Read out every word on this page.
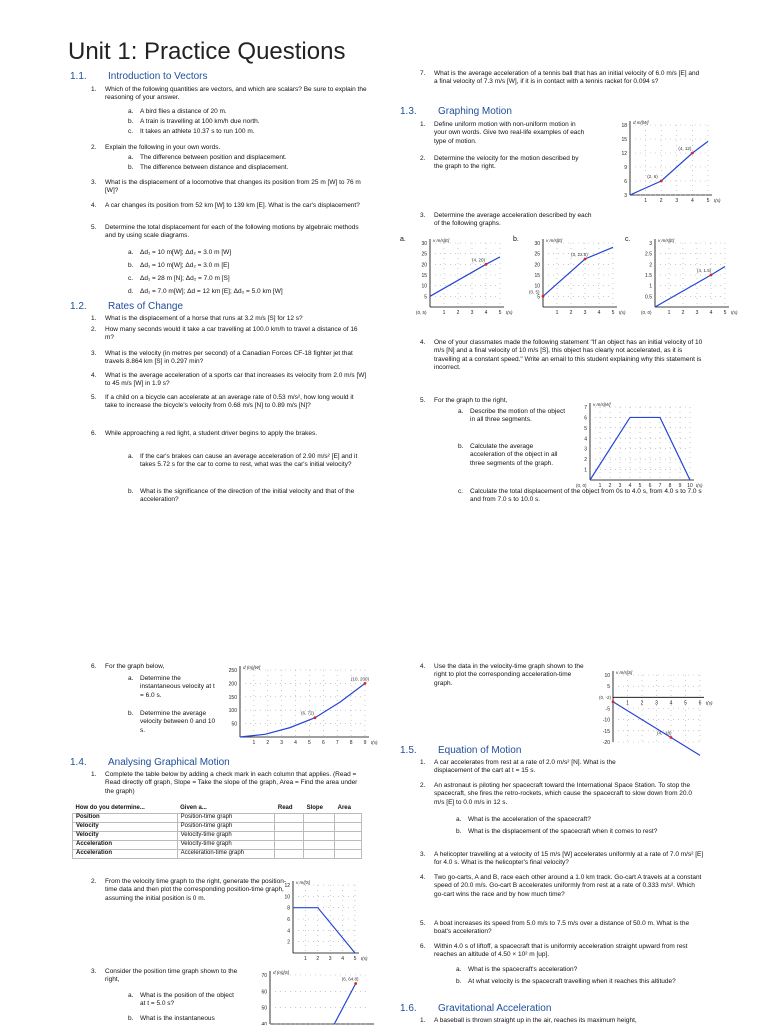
Unit 1: Practice Questions
1.1. Introduction to Vectors
1. Which of the following quantities are vectors, and which are scalars? Be sure to explain the reasoning of your answer.
a. A bird flies a distance of 20 m.
b. A train is travelling at 100 km/h due north.
c. It takes an athlete 10.37 s to run 100 m.
2. Explain the following in your own words.
a. The difference between position and displacement.
b. The difference between distance and displacement.
3. What is the displacement of a locomotive that changes its position from 25 m [W] to 76 m [W]?
4. A car changes its position from 52 km [W] to 139 km [E]. What is the car's displacement?
5. Determine the total displacement for each of the following motions by algebraic methods and by using scale diagrams.
a. Δd₁ = 10 m[W]; Δd₂ = 3.0 m [W]
b. Δd₁ = 10 m[W]; Δd₂ = 3.0 m [E]
c. Δd₁ = 28 m [N]; Δd₂ = 7.0 m [S]
d. Δd₁ = 7.0 m[W]; Δd = 12 km [E]; Δd₃ = 5.0 km [W]
1.2. Rates of Change
1. What is the displacement of a horse that runs at 3.2 m/s [S] for 12 s?
2. How many seconds would it take a car travelling at 100.0 km/h to travel a distance of 16 m?
3. What is the velocity (in metres per second) of a Canadian Forces CF-18 fighter jet that travels 8.864 km [S] in 0.297 min?
4. What is the average acceleration of a sports car that increases its velocity from 2.0 m/s [W] to 45 m/s [W] in 1.9 s?
5. If a child on a bicycle can accelerate at an average rate of 0.53 m/s², how long would it take to increase the bicycle's velocity from 0.68 m/s [N] to 0.89 m/s [N]?
6. While approaching a red light, a student driver begins to apply the brakes.
a. If the car's brakes can cause an average acceleration of 2.90 m/s² [E] and it takes 5.72 s for the car to come to rest, what was the car's initial velocity?
b. What is the significance of the direction of the initial velocity and that of the acceleration?
7. What is the average acceleration of a tennis ball that has an initial velocity of 6.0 m/s [E] and a final velocity of 7.3 m/s [W], if it is in contact with a tennis racket for 0.094 s?
1.3. Graphing Motion
1. Define uniform motion with non-uniform motion in your own words. Give two real-life examples of each type of motion.
2. Determine the velocity for the motion described by the graph to the right.
3. Determine the average acceleration described by each of the following graphs.
a.	b.	c.
4. One of your classmates made the following statement "If an object has an initial velocity of 10 m/s [N] and a final velocity of 10 m/s [S], this object has clearly not accelerated, as it is travelling at a constant speed." Write an email to this student explaining why this statement is incorrect.
5. For the graph to the right,
a. Describe the motion of the object in all three segments.
b. Calculate the average acceleration of the object in all three segments of the graph.
c. Calculate the total displacement of the object from 0s to 4.0 s, from 4.0 s to 7.0 s and from 7.0 s to 10.0 s.
6. For the graph below,
a. Determine the instantaneous velocity at t = 6.0 s.
b. Determine the average velocity between 0 and 10 s.
1.4. Analysing Graphical Motion
1. Complete the table below by adding a check mark in each column that applies. (Read = Read directly off graph, Slope = Take the slope of the graph, Area = Find the area under the graph)
How do you determine...	Given a...	Read	Slope	Area
Position	Position-time graph			
Velocity	Position-time graph			
Velocity	Velocity-time graph			
Acceleration	Velocity-time graph			
Acceleration	Acceleration-time graph			
2. From the velocity time graph to the right, generate the position-time data and then plot the corresponding position-time graph, assuming the initial position is 0 m.
3. Consider the position time graph shown to the right,
a. What is the position of the object at t = 5.0 s?
b. What is the instantaneous
4. Use the data in the velocity-time graph shown to the right to plot the corresponding acceleration-time graph.
1.5. Equation of Motion
1. A car accelerates from rest at a rate of 2.0 m/s² [N]. What is the displacement of the cart at t = 15 s.
2. An astronaut is piloting her spacecraft toward the International Space Station. To stop the spacecraft, she fires the retro-rockets, which cause the spacecraft to slow down from 20.0 m/s [E] to 0.0 m/s in 12 s.
a. What is the acceleration of the spacecraft?
b. What is the displacement of the spacecraft when it comes to rest?
3. A helicopter travelling at a velocity of 15 m/s [W] accelerates uniformly at a rate of 7.0 m/s² [E] for 4.0 s. What is the helicopter's final velocity?
4. Two go-carts, A and B, race each other around a 1.0 km track. Go-cart A travels at a constant speed of 20.0 m/s. Go-cart B accelerates uniformly from rest at a rate of 0.333 m/s². Which go-cart wins the race and by how much time?
5. A boat increases its speed from 5.0 m/s to 7.5 m/s over a distance of 50.0 m. What is the boat's acceleration?
6. Within 4.0 s of liftoff, a spacecraft that is uniformly acceleration straight upward from rest reaches an altitude of 4.50 × 10² m [up].
a. What is the spacecraft's acceleration?
b. At what velocity is the spacecraft travelling when it reaches this altitude?
1.6. Gravitational Acceleration
1. A baseball is thrown straight up in the air, reaches its maximum height,
1	2	3	4	5
3
6
9
12
15
18
d m/[W]
t(s)
(4, 12)
(2, 6)
1 2 3 4 5
5
10
15
20
25
30
v m/s[E]
t(s)
(0, 5)
(4, 20)
1 2 3 4 5
5
10
15
20
25
30
v m/s[E]
t(s)
(0, 5)
(3, 22.5)
1 2 3 4 5
0.5
1
1.5
2
2.5
3
v m/s[E]
t(s)
(0, 0)
(4, 1.5)
1 2 3 4 5 6 7 8 9 10
1
2
3
4
5
6
7
v m/s[W]
t(s)
(0, 0)
1 2 3 4 5 6 7 8 9
50
100
150
200
250
d (m)[W]
t(s)
(10, 200)
(6, 72)
1 2 3 4 5
2
4
6
8
10
12
v m/[S]
t(s)
40
50
60
70
d (m)[S]
(6, 64.8)
1 2 3 4 5 6
10
5
-5
-10
-15
-20
v m/s[S]
t(s)
(0, -2)
(4, -18)
